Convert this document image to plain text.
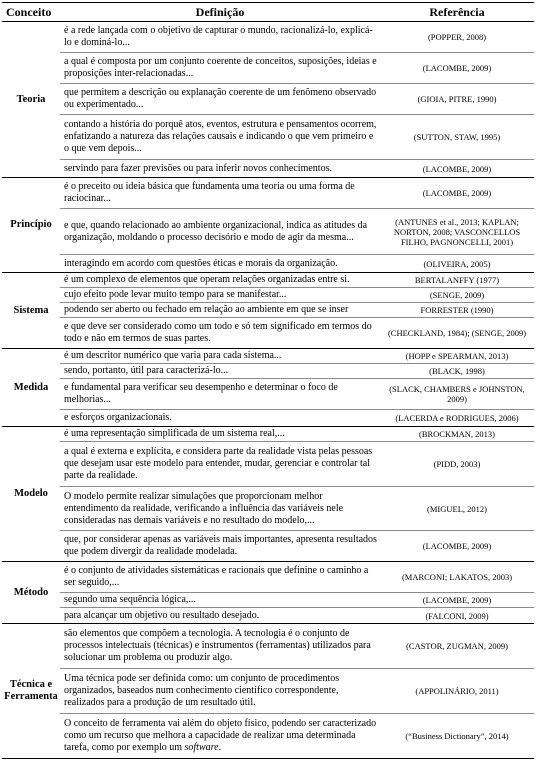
Conceito	Definição	Referência
Teoria	é a rede lançada com o objetivo de capturar o mundo, racionalizá-lo, explicá-lo e dominá-lo...	(POPPER, 2008)
	a qual é composta por um conjunto coerente de conceitos, suposições, ideias e proposições inter-relacionadas...	(LACOMBE, 2009)
	que permitem a descrição ou explanação coerente de um fenômeno observado ou experimentado...	(GIOIA, PITRE, 1990)
	contando a história do porquê atos, eventos, estrutura e pensamentos ocorrem, enfatizando a natureza das relações causais e indicando o que vem primeiro e o que vem depois...	(SUTTON, STAW, 1995)
	servindo para fazer previsões ou para inferir novos conhecimentos.	(LACOMBE, 2009)
Princípio	é o preceito ou ideia básica que fundamenta uma teoria ou uma forma de raciocinar...	(LACOMBE, 2009)
	e que, quando relacionado ao ambiente organizacional, indica as atitudes da organização, moldando o processo decisório e modo de agir da mesma...	(ANTUNES et al., 2013; KAPLAN; NORTON, 2008; VASCONCELLOS FILHO, PAGNONCELLI, 2001)
	interagindo em acordo com questões éticas e morais da organização.	(OLIVEIRA, 2005)
Sistema	é um complexo de elementos que operam relações organizadas entre si.	BERTALANFFY (1977)
	cujo efeito pode levar muito tempo para se manifestar...	(SENGE, 2009)
	podendo ser aberto ou fechado em relação ao ambiente em que se inser	FORRESTER (1990)
	e que deve ser considerado como um todo e só tem significado em termos do todo e não em termos de suas partes.	(CHECKLAND, 1984); (SENGE, 2009)
Medida	é um descritor numérico que varia para cada sistema...	(HOPP e SPEARMAN, 2013)
	sendo, portanto, útil para caracterizá-lo...	(BLACK, 1998)
	e fundamental para verificar seu desempenho e determinar o foco de melhorias...	(SLACK, CHAMBERS e JOHNSTON, 2009)
	e esforços organizacionais.	(LACERDA e RODRIGUES, 2006)
Modelo	é uma representação simplificada de um sistema real,...	(BROCKMAN, 2013)
	a qual é externa e explícita, e considera parte da realidade vista pelas pessoas que desejam usar este modelo para entender, mudar, gerenciar e controlar tal parte da realidade.	(PIDD, 2003)
	O modelo permite realizar simulações que proporcionam melhor entendimento da realidade, verificando a influência das variáveis nele consideradas nas demais variáveis e no resultado do modelo,...	(MIGUEL, 2012)
	que, por considerar apenas as variáveis mais importantes, apresenta resultados que podem divergir da realidade modelada.	(LACOMBE, 2009)
Método	é o conjunto de atividades sistemáticas e racionais que definine o caminho a ser seguido,...	(MARCONI; LAKATOS, 2003)
	segundo uma sequência lógica,...	(LACOMBE, 2009)
	para alcançar um objetivo ou resultado desejado.	(FALCONI, 2009)
Técnica e Ferramenta	são elementos que compõem a tecnologia. A tecnologia é o conjunto de processos intelectuais (técnicas) e instrumentos (ferramentas) utilizados para solucionar um problema ou produzir algo.	(CASTOR, ZUGMAN, 2009)
	Uma técnica pode ser definida como: um conjunto de procedimentos organizados, baseados num conhecimento científico correspondente, realizados para a produção de um resultado útil.	(APPOLINÁRIO, 2011)
	O conceito de ferramenta vai além do objeto físico, podendo ser caracterizado como um recurso que melhora a capacidade de realizar uma determinada tarefa, como por exemplo um software.	(“Business Dictionary”, 2014)
